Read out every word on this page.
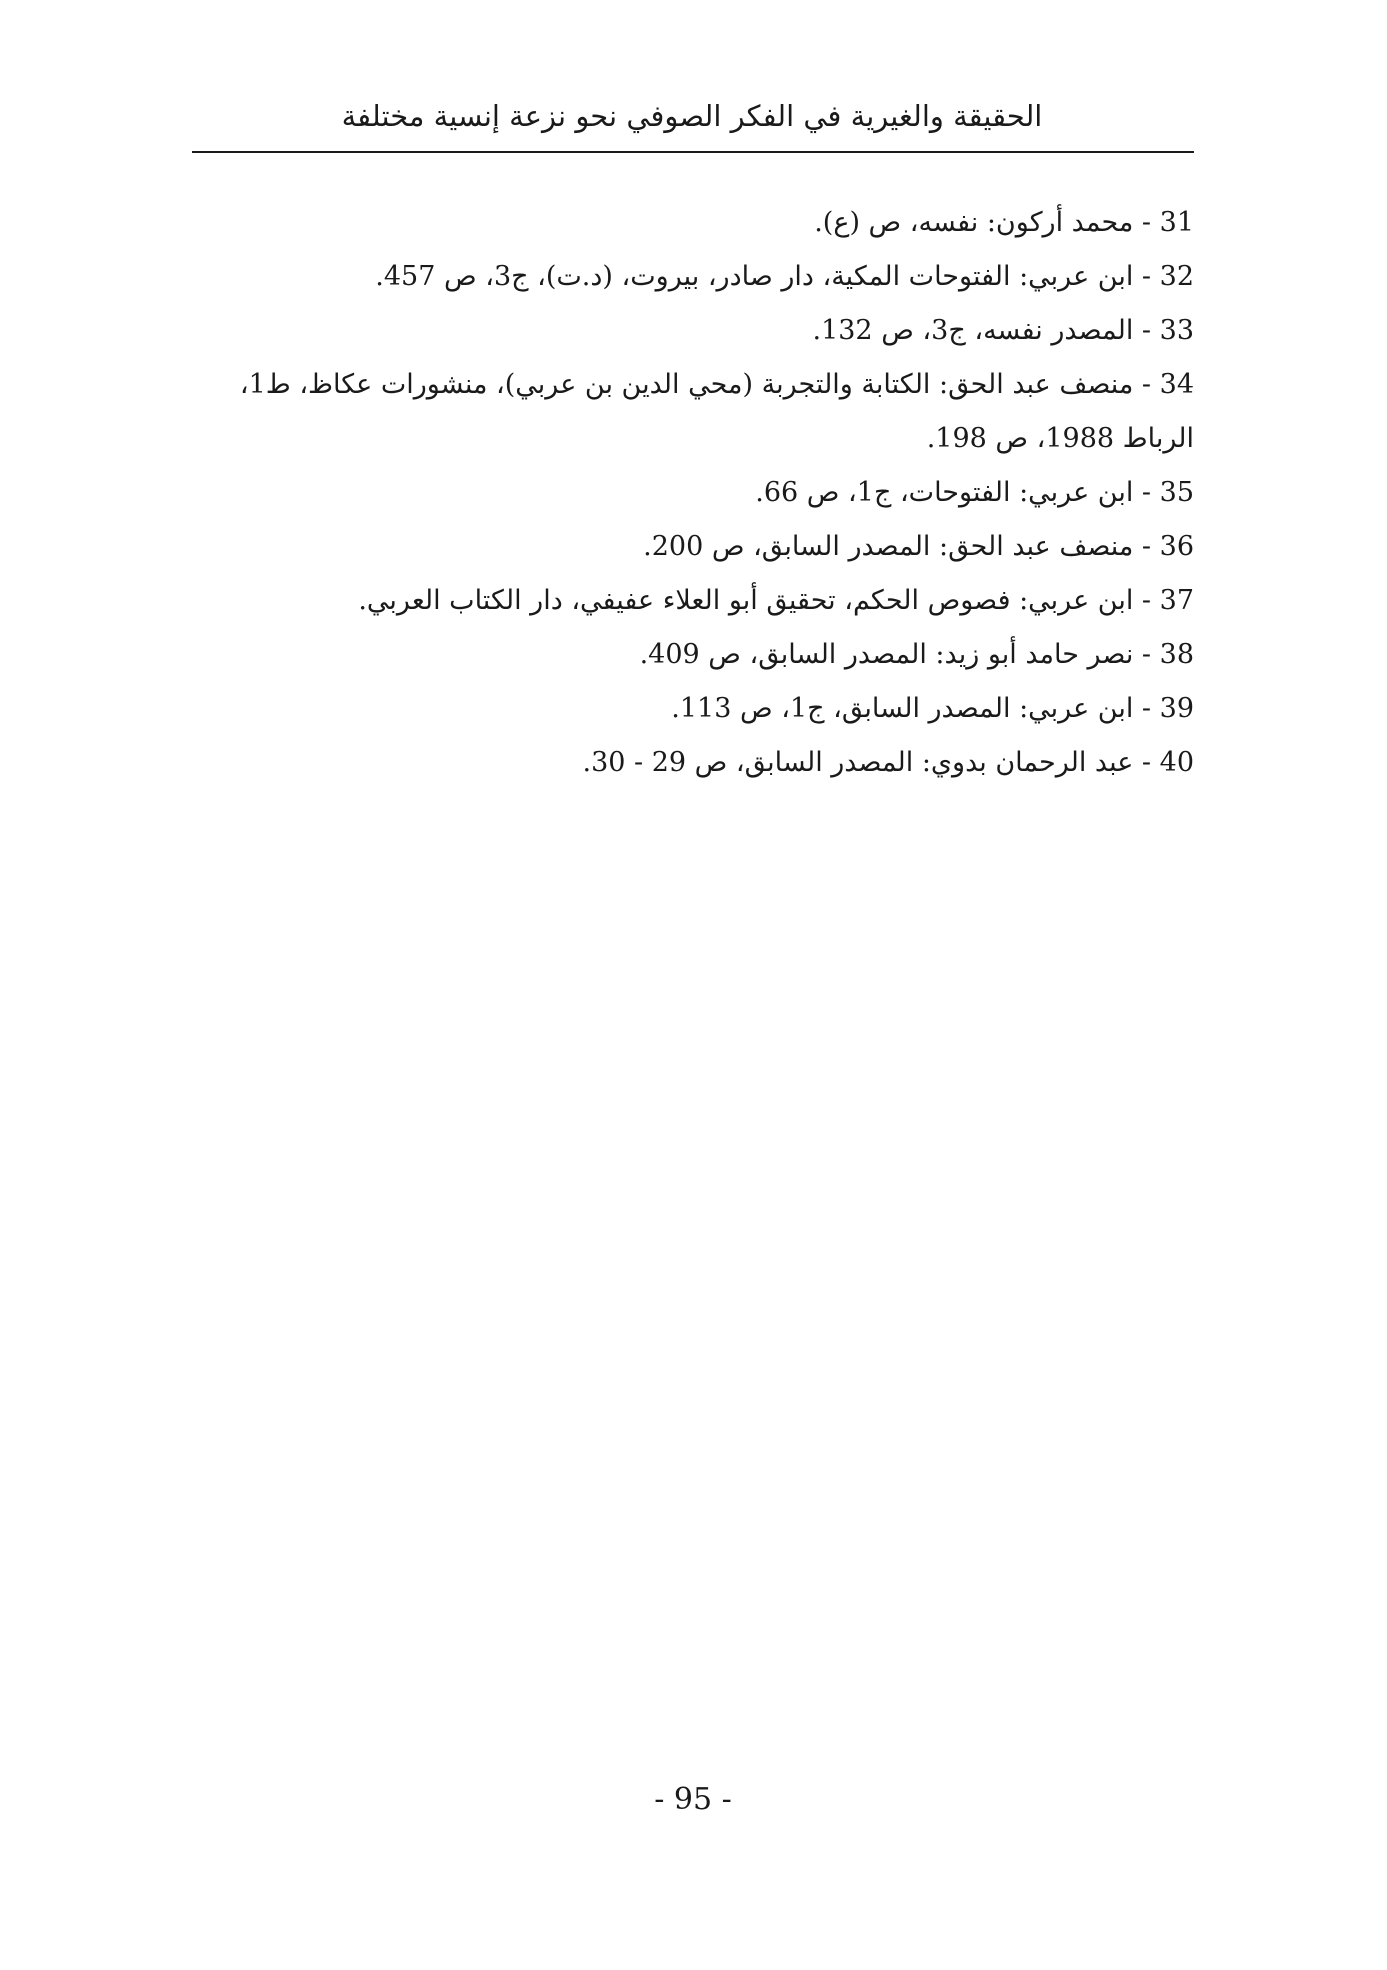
الحقيقة والغيرية في الفكر الصوفي نحو نزعة إنسية مختلفة
31 - محمد أركون: نفسه، ص (ع).
32 - ابن عربي: الفتوحات المكية، دار صادر، بيروت، (د.ت)، ج3، ص 457.
33 - المصدر نفسه، ج3، ص 132.
34 - منصف عبد الحق: الكتابة والتجربة (محي الدين بن عربي)، منشورات عكاظ، ط1، الرباط 1988، ص 198.
35 - ابن عربي: الفتوحات، ج1، ص 66.
36 - منصف عبد الحق: المصدر السابق، ص 200.
37 - ابن عربي: فصوص الحكم، تحقيق أبو العلاء عفيفي، دار الكتاب العربي.
38 - نصر حامد أبو زيد: المصدر السابق، ص 409.
39 - ابن عربي: المصدر السابق، ج1، ص 113.
40 - عبد الرحمان بدوي: المصدر السابق، ص 29 - 30.
- 95 -
